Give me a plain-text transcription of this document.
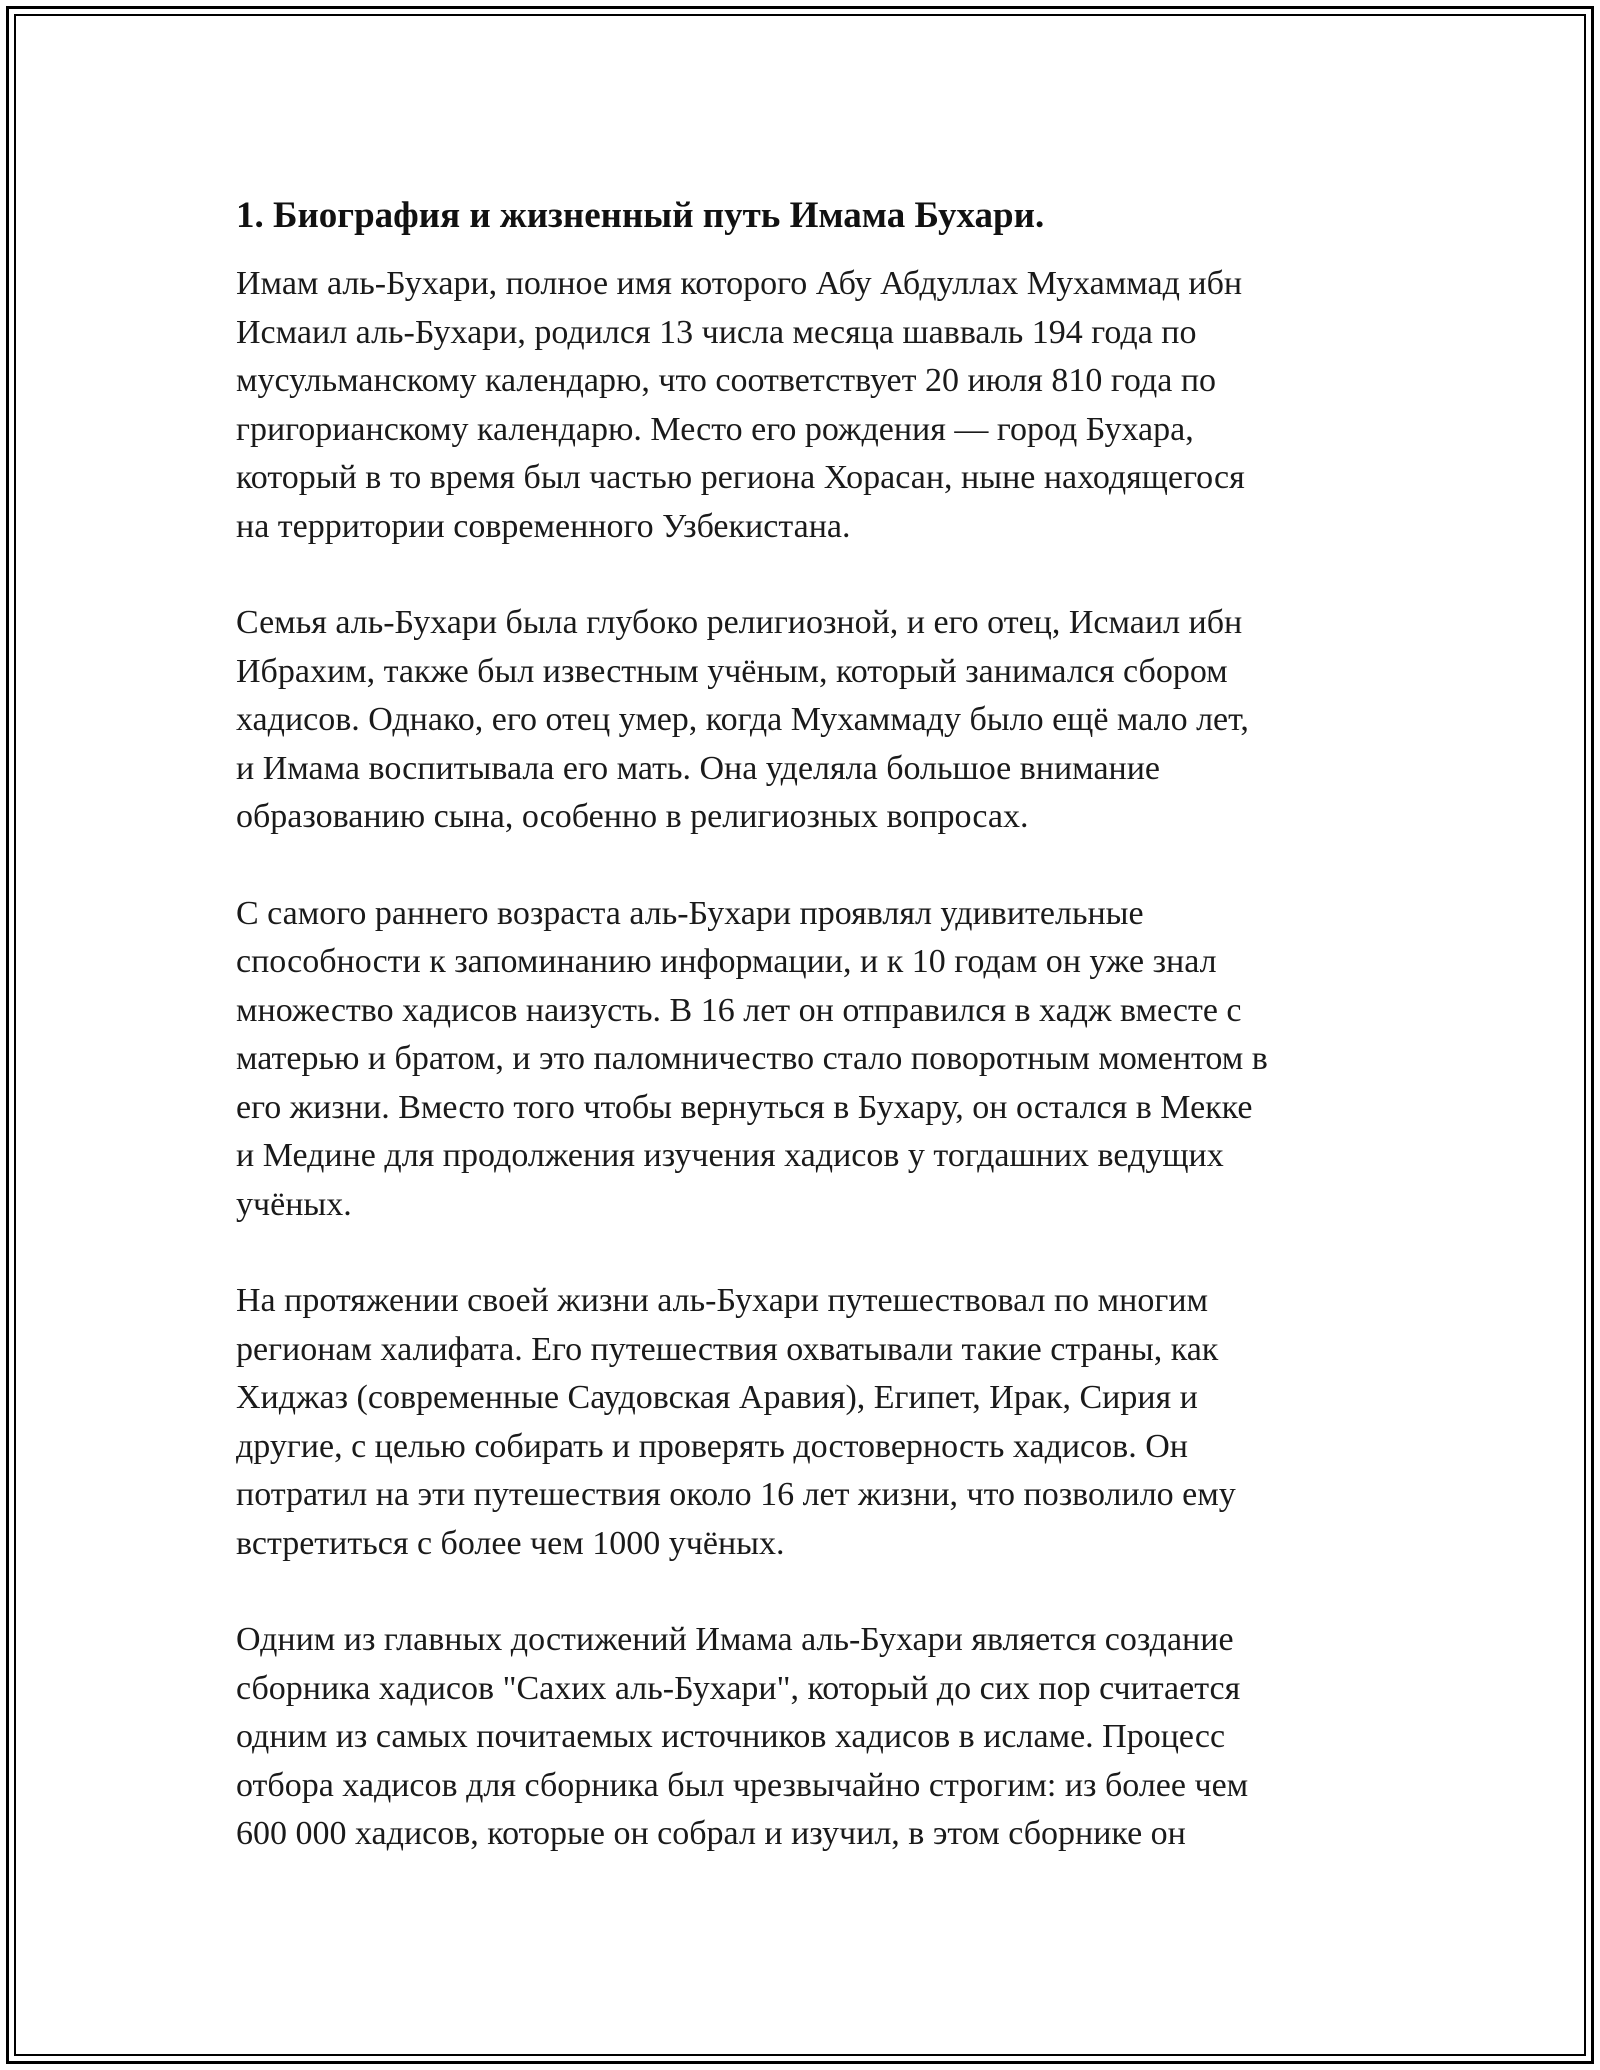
1. Биография и жизненный путь Имама Бухари.

Имам аль-Бухари, полное имя которого Абу Абдуллах Мухаммад ибн
Исмаил аль-Бухари, родился 13 числа месяца шавваль 194 года по
мусульманскому календарю, что соответствует 20 июля 810 года по
григорианскому календарю. Место его рождения — город Бухара,
который в то время был частью региона Хорасан, ныне находящегося
на территории современного Узбекистана.

Семья аль-Бухари была глубоко религиозной, и его отец, Исмаил ибн
Ибрахим, также был известным учёным, который занимался сбором
хадисов. Однако, его отец умер, когда Мухаммаду было ещё мало лет,
и Имама воспитывала его мать. Она уделяла большое внимание
образованию сына, особенно в религиозных вопросах.

С самого раннего возраста аль-Бухари проявлял удивительные
способности к запоминанию информации, и к 10 годам он уже знал
множество хадисов наизусть. В 16 лет он отправился в хадж вместе с
матерью и братом, и это паломничество стало поворотным моментом в
его жизни. Вместо того чтобы вернуться в Бухару, он остался в Мекке
и Медине для продолжения изучения хадисов у тогдашних ведущих
учёных.

На протяжении своей жизни аль-Бухари путешествовал по многим
регионам халифата. Его путешествия охватывали такие страны, как
Хиджаз (современные Саудовская Аравия), Египет, Ирак, Сирия и
другие, с целью собирать и проверять достоверность хадисов. Он
потратил на эти путешествия около 16 лет жизни, что позволило ему
встретиться с более чем 1000 учёных.

Одним из главных достижений Имама аль-Бухари является создание
сборника хадисов "Сахих аль-Бухари", который до сих пор считается
одним из самых почитаемых источников хадисов в исламе. Процесс
отбора хадисов для сборника был чрезвычайно строгим: из более чем
600 000 хадисов, которые он собрал и изучил, в этом сборнике он
